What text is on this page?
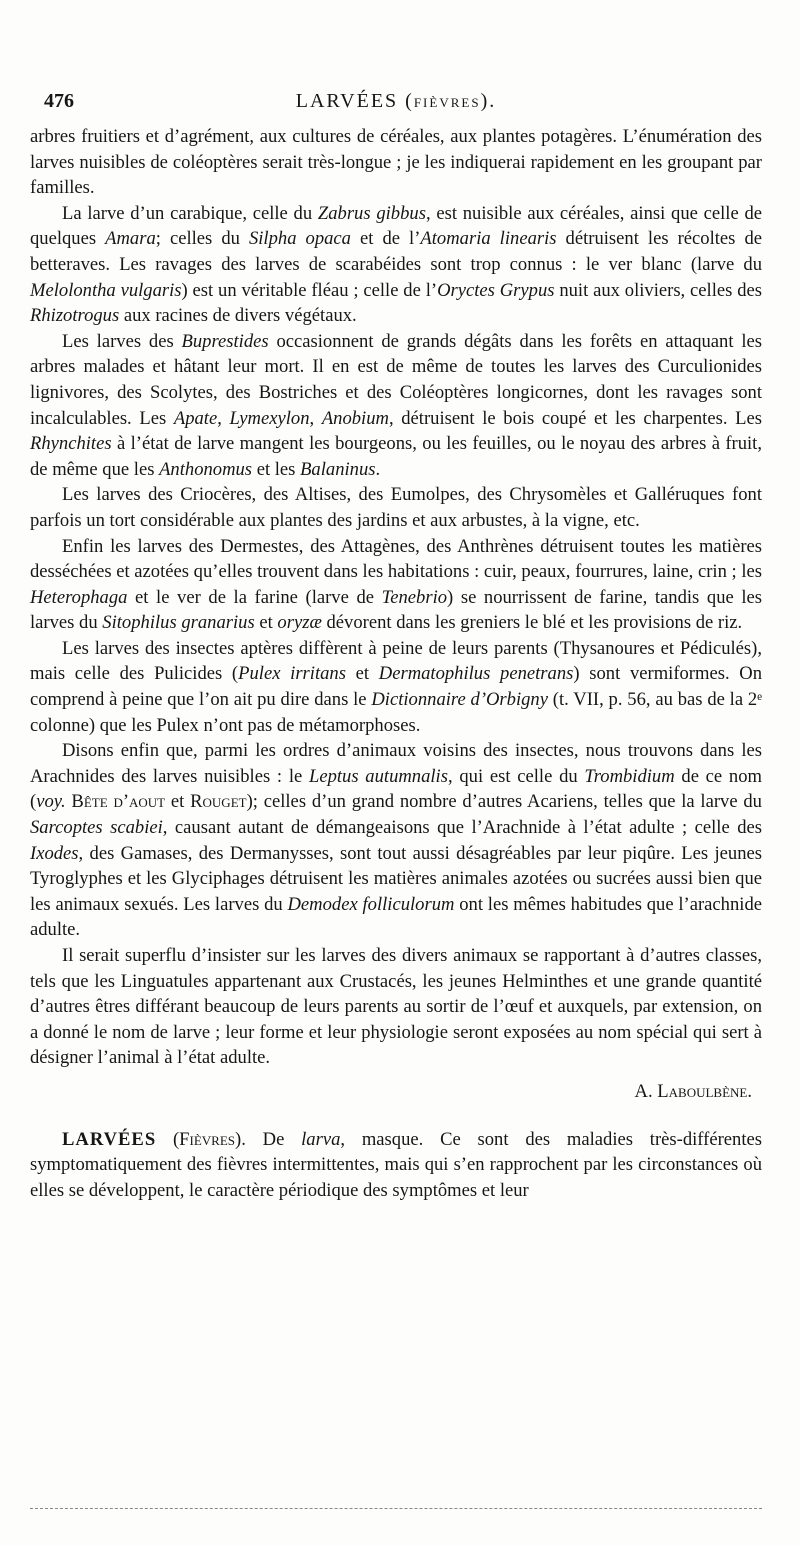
476	LARVÉES (FIÈVRES).

arbres fruitiers et d’agrément, aux cultures de céréales, aux plantes potagères. L’énumération des larves nuisibles de coléoptères serait très-longue ; je les indiquerai rapidement en les groupant par familles.

La larve d’un carabique, celle du Zabrus gibbus, est nuisible aux céréales, ainsi que celle de quelques Amara; celles du Silpha opaca et de l’Atomaria linearis détruisent les récoltes de betteraves. Les ravages des larves de scarabéides sont trop connus : le ver blanc (larve du Melolontha vulgaris) est un véritable fléau ; celle de l’Oryctes Grypus nuit aux oliviers, celles des Rhizotrogus aux racines de divers végétaux.

Les larves des Buprestides occasionnent de grands dégâts dans les forêts en attaquant les arbres malades et hâtant leur mort. Il en est de même de toutes les larves des Curculionides lignivores, des Scolytes, des Bostriches et des Coléoptères longicornes, dont les ravages sont incalculables. Les Apate, Lymexylon, Anobium, détruisent le bois coupé et les charpentes. Les Rhynchites à l’état de larve mangent les bourgeons, ou les feuilles, ou le noyau des arbres à fruit, de même que les Anthonomus et les Balaninus.

Les larves des Criocères, des Altises, des Eumolpes, des Chrysomèles et Galléruques font parfois un tort considérable aux plantes des jardins et aux arbustes, à la vigne, etc.

Enfin les larves des Dermestes, des Attagènes, des Anthrènes détruisent toutes les matières desséchées et azotées qu’elles trouvent dans les habitations : cuir, peaux, fourrures, laine, crin ; les Heterophaga et le ver de la farine (larve de Tenebrio) se nourrissent de farine, tandis que les larves du Sitophilus granarius et oryzæ dévorent dans les greniers le blé et les provisions de riz.

Les larves des insectes aptères diffèrent à peine de leurs parents (Thysanoures et Pédiculés), mais celle des Pulicides (Pulex irritans et Dermatophilus penetrans) sont vermiformes. On comprend à peine que l’on ait pu dire dans le Dictionnaire d’Orbigny (t. VII, p. 56, au bas de la 2ᵉ colonne) que les Pulex n’ont pas de métamorphoses.

Disons enfin que, parmi les ordres d’animaux voisins des insectes, nous trouvons dans les Arachnides des larves nuisibles : le Leptus autumnalis, qui est celle du Trombidium de ce nom (voy. Bête d’aout et Rouget); celles d’un grand nombre d’autres Acariens, telles que la larve du Sarcoptes scabiei, causant autant de démangeaisons que l’Arachnide à l’état adulte ; celle des Ixodes, des Gamases, des Dermanysses, sont tout aussi désagréables par leur piqûre. Les jeunes Tyroglyphes et les Glyciphages détruisent les matières animales azotées ou sucrées aussi bien que les animaux sexués. Les larves du Demodex folliculorum ont les mêmes habitudes que l’arachnide adulte.

Il serait superflu d’insister sur les larves des divers animaux se rapportant à d’autres classes, tels que les Linguatules appartenant aux Crustacés, les jeunes Helminthes et une grande quantité d’autres êtres différant beaucoup de leurs parents au sortir de l’œuf et auxquels, par extension, on a donné le nom de larve ; leur forme et leur physiologie seront exposées au nom spécial qui sert à désigner l’animal à l’état adulte.

A. Laboulbène.

LARVÉES (Fièvres). De larva, masque. Ce sont des maladies très-différentes symptomatiquement des fièvres intermittentes, mais qui s’en rapprochent par les circonstances où elles se développent, le caractère périodique des symptômes et leur
